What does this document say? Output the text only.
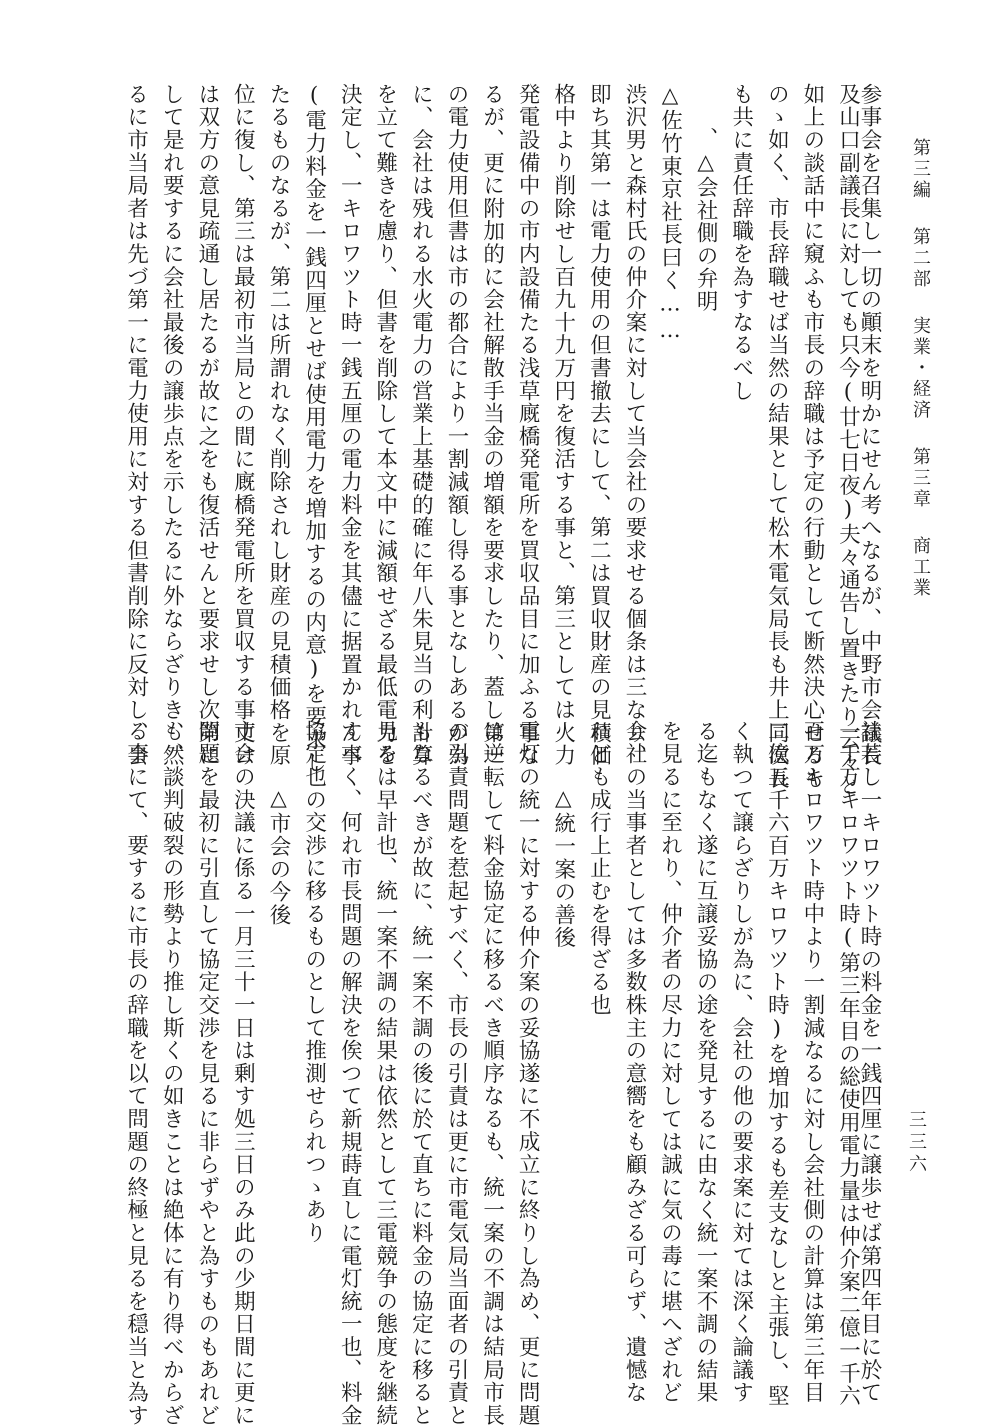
第三編第二部実業・経済第三章商工業
三三六
参事会を召集し一切の顚末を明かにせん考へなるが、中野市会議長
及山口副議長に対しても只今(廿七日夜)夫々通告し置きたり云々と
如上の談話中に窺ふも市長の辞職は予定の行動として断然決心せるも
のゝ如く、市長辞職せば当然の結果として松木電気局長も井上同次長
も共に責任辞職を為すなるべし
、△会社側の弁明
△佐竹東京社長曰く……
渋沢男と森村氏の仲介案に対して当会社の要求せる個条は三なり、
即ち其第一は電力使用の但書撤去にして、第二は買収財産の見積価
格中より削除せし百九十九万円を復活する事と、第三としては火力
発電設備中の市内設備たる浅草廐橋発電所を買収品目に加ふる事な
るが、更に附加的に会社解散手当金の増額を要求したり、蓋し第一
の電力使用但書は市の都合により一割減額し得る事となしあるが為
に、会社は残れる水火電力の営業上基礎的確に年八朱見当の利計算
を立て難きを慮り、但書を削除して本文中に減額せざる最低電力を
決定し、一キロワツト時一銭五厘の電力料金を其儘に据置かれん事
(電力料金を一銭四厘とせば使用電力を増加するの内意)を要求し
たるものなるが、第二は所謂れなく削除されし財産の見積価格を原
位に復し、第三は最初市当局との間に廐橋発電所を買収する事丈け
は双方の意見疏通し居たるが故に之をも復活せんと要求せし次第に
して是れ要するに会社最後の譲歩点を示したるに外ならざりき、然
るに市当局者は先づ第一に電力使用に対する但書削除に反対し、会
社若し一キロワツト時の料金を一銭四厘に譲歩せば第四年目に於て
一千万キロワツト時(第三年目の総使用電力量は仲介案二億一千六
百万キロワツト時中より一割減なるに対し会社側の計算は第三年目
二億五千六百万キロワツト時)を増加するも差支なしと主張し、堅
く執つて譲らざりしが為に、会社の他の要求案に対ては深く論議す
る迄もなく遂に互譲妥協の途を発見するに由なく統一案不調の結果
を見るに至れり、仲介者の尽力に対しては誠に気の毒に堪へざれど
会社の当事者としては多数株主の意嚮をも顧みざる可らず、遺憾な
れども成行上止むを得ざる也
△統一案の善後
電灯の統一に対する仲介案の妥協遂に不成立に終りし為め、更に問題
は逆転して料金協定に移るべき順序なるも、統一案の不調は結局市長
の引責問題を惹起すべく、市長の引責は更に市電気局当面者の引責と
もなるべきが故に、統一案不調の後に於て直ちに料金の協定に移ると
見るは早計也、統一案不調の結果は依然として三電競争の態度を継続
すべく、何れ市長問題の解決を俟つて新規蒔直しに電灯統一也、料金
協定也の交渉に移るものとして推測せられつゝあり
△市会の今後
市会の決議に係る一月三十一日は剰す処三日のみ此の少期日間に更に
問題を最初に引直して協定交渉を見るに非らずやと為すものもあれど
も、談判破裂の形勢より推し斯くの如きことは絶体に有り得べからざ
る事にて、要するに市長の辞職を以て問題の終極と見るを穏当と為す
